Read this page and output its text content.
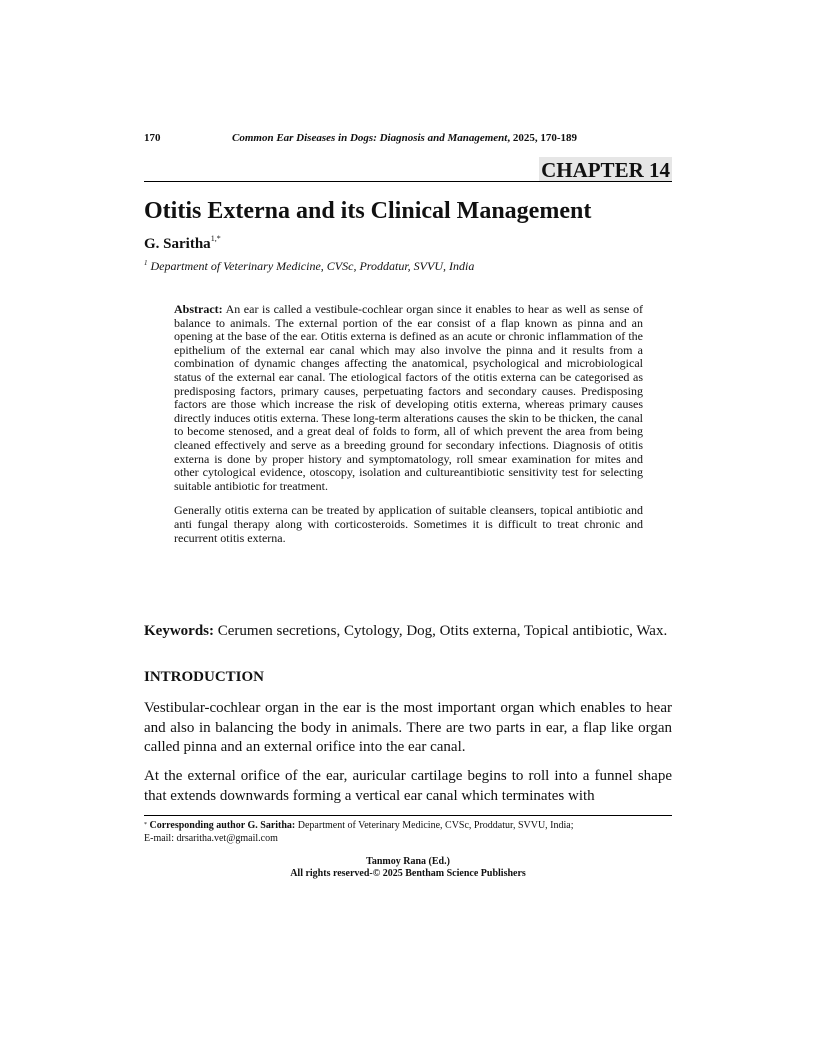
170	Common Ear Diseases in Dogs: Diagnosis and Management, 2025, 170-189
CHAPTER 14
Otitis Externa and its Clinical Management
G. Saritha$^{1,*}$
$^1$ Department of Veterinary Medicine, CVSc, Proddatur, SVVU, India

Abstract: An ear is called a vestibule-cochlear organ since it enables to hear as well as sense of balance to animals. The external portion of the ear consist of a flap known as pinna and an opening at the base of the ear. Otitis externa is defined as an acute or chronic inflammation of the epithelium of the external ear canal which may also involve the pinna and it results from a combination of dynamic changes affecting the anatomical, psychological and microbiological status of the external ear canal. The etiological factors of the otitis externa can be categorised as predisposing factors, primary causes, perpetuating factors and secondary causes. Predisposing factors are those which increase the risk of developing otitis externa, whereas primary causes directly induces otitis externa. These long-term alterations causes the skin to be thicken, the canal to become stenosed, and a great deal of folds to form, all of which prevent the area from being cleaned effectively and serve as a breeding ground for secondary infections. Diagnosis of otitis externa is done by proper history and symptomatology, roll smear examination for mites and other cytological evidence, otoscopy, isolation and cultureantibiotic sensitivity test for selecting suitable antibiotic for treatment.

Generally otitis externa can be treated by application of suitable cleansers, topical antibiotic and anti fungal therapy along with corticosteroids. Sometimes it is difficult to treat chronic and recurrent otitis externa.

Keywords: Cerumen secretions, Cytology, Dog, Otits externa, Topical antibiotic, Wax.

INTRODUCTION

Vestibular-cochlear organ in the ear is the most important organ which enables to hear and also in balancing the body in animals. There are two parts in ear, a flap like organ called pinna and an external orifice into the ear canal.

At the external orifice of the ear, auricular cartilage begins to roll into a funnel shape that extends downwards forming a vertical ear canal which terminates with

* Corresponding author G. Saritha: Department of Veterinary Medicine, CVSc, Proddatur, SVVU, India;
E-mail: drsaritha.vet@gmail.com
Tanmoy Rana (Ed.)
All rights reserved-© 2025 Bentham Science Publishers
